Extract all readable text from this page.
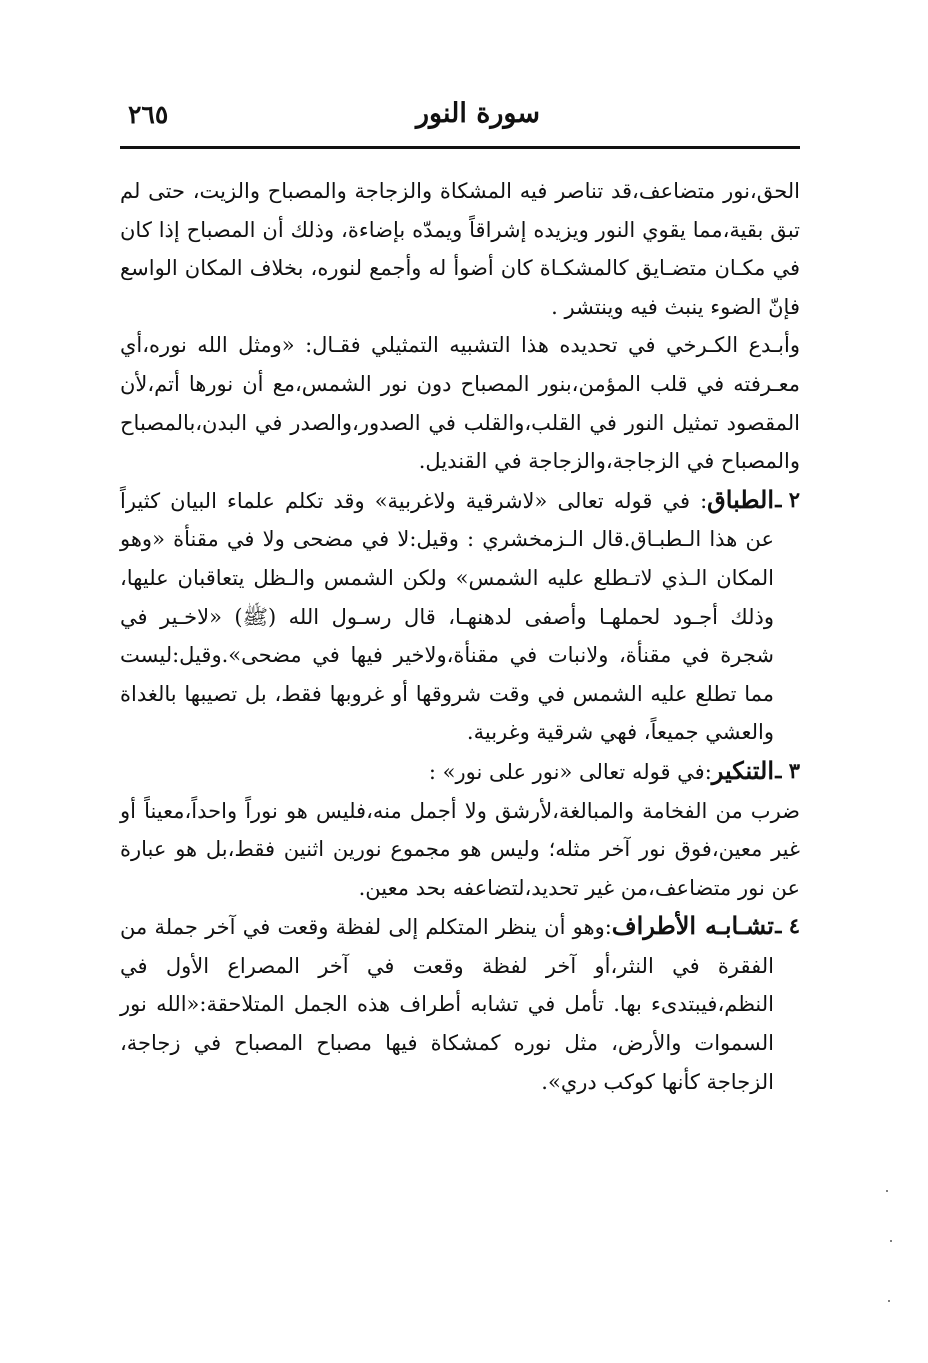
سورة النور
٢٦٥

الحق،نور متضاعف،قد تناصر فيه المشكاة والزجاجة والمصباح والزيت، حتى لم تبق بقية،مما يقوي النور ويزيده إشراقاً ويمدّه بإضاءة، وذلك أن المصباح إذا كان في مكـان متضـايق كالمشكـاة كان أضوأ له وأجمع لنوره، بخلاف المكان الواسع فإنّ الضوء ينبث فيه وينتشر .

وأبـدع الكـرخي في تحديده هذا التشبيه التمثيلي فقـال: «ومثل الله نوره،أي معـرفته في قلب المؤمن،بنور المصباح دون نور الشمس،مع أن نورها أتم،لأن المقصود تمثيل النور في القلب،والقلب في الصدور،والصدر في البدن،بالمصباح والمصباح في الزجاجة،والزجاجة في القنديل.

٢ ـ
الطباق: في قوله تعالى «لاشرقية ولاغربية» وقد تكلم علماء البيان كثيراً عن هذا الـطبـاق.قال الـزمخشري : وقيل:لا في مضحى ولا في مقنأة «وهو المكان الـذي لاتـطلع عليه الشمس» ولكن الشمس والـظل يتعاقبان عليها، وذلك أجـود لحملهـا وأصفى لدهنهـا، قال رسـول الله (ﷺ) «لاخـير في شجرة في مقنأة، ولانبات في مقنأة،ولاخير فيها في مضحى».وقيل:ليست مما تطلع عليه الشمس في وقت شروقها أو غروبها فقط، بل تصيبها بالغداة والعشي جميعاً، فهي شرقية وغربية.
٣ ـ
التنكير:في قوله تعالى «نور على نور» :

ضرب من الفخامة والمبالغة،لأرشق ولا أجمل منه،فليس هو نوراً واحداً،معيناً أو غير معين،فوق نور آخر مثله؛ وليس هو مجموع نورين اثنين فقط،بل هو عبارة عن نور متضاعف،من غير تحديد،لتضاعفه بحد معين.

٤ ـ
تشـابـه الأطراف:وهو أن ينظر المتكلم إلى لفظة وقعت في آخر جملة من الفقرة في النثر،أو آخر لفظة وقعت في آخر المصراع الأول في النظم،فيبتدىء بها. تأمل في تشابه أطراف هذه الجمل المتلاحقة:«الله نور السموات والأرض، مثل نوره كمشكاة فيها مصباح المصباح في زجاجة، الزجاجة كأنها كوكب دري».
